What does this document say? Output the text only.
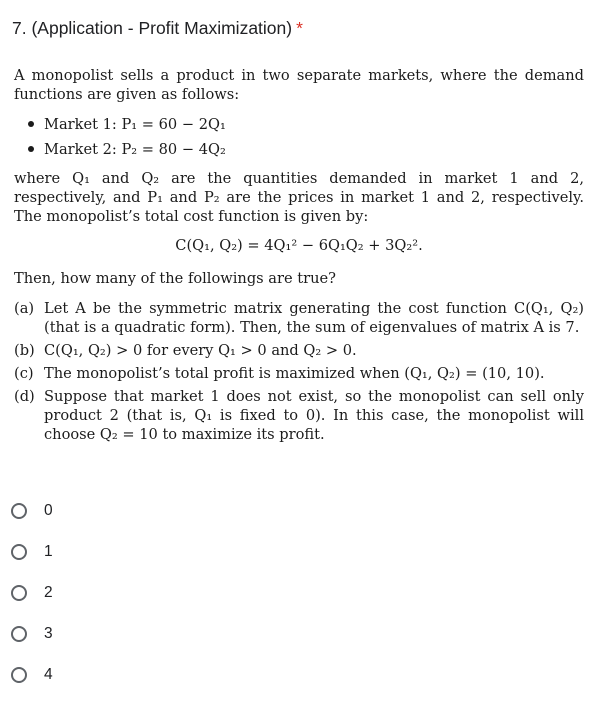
7. (Application - Profit Maximization) *

A monopolist sells a product in two separate markets, where the demand functions are given as follows:

Market 1: P₁ = 60 − 2Q₁
Market 2: P₂ = 80 − 4Q₂

where Q₁ and Q₂ are the quantities demanded in market 1 and 2, respectively, and P₁ and P₂ are the prices in market 1 and 2, respectively. The monopolist’s total cost function is given by:

C(Q₁, Q₂) = 4Q₁² − 6Q₁Q₂ + 3Q₂².

Then, how many of the followings are true?

(a) Let A be the symmetric matrix generating the cost function C(Q₁, Q₂) (that is a quadratic form). Then, the sum of eigenvalues of matrix A is 7.
(b) C(Q₁, Q₂) > 0 for every Q₁ > 0 and Q₂ > 0.
(c) The monopolist’s total profit is maximized when (Q₁, Q₂) = (10, 10).
(d) Suppose that market 1 does not exist, so the monopolist can sell only product 2 (that is, Q₁ is fixed to 0). In this case, the monopolist will choose Q₂ = 10 to maximize its profit.
0
1
2
3
4
